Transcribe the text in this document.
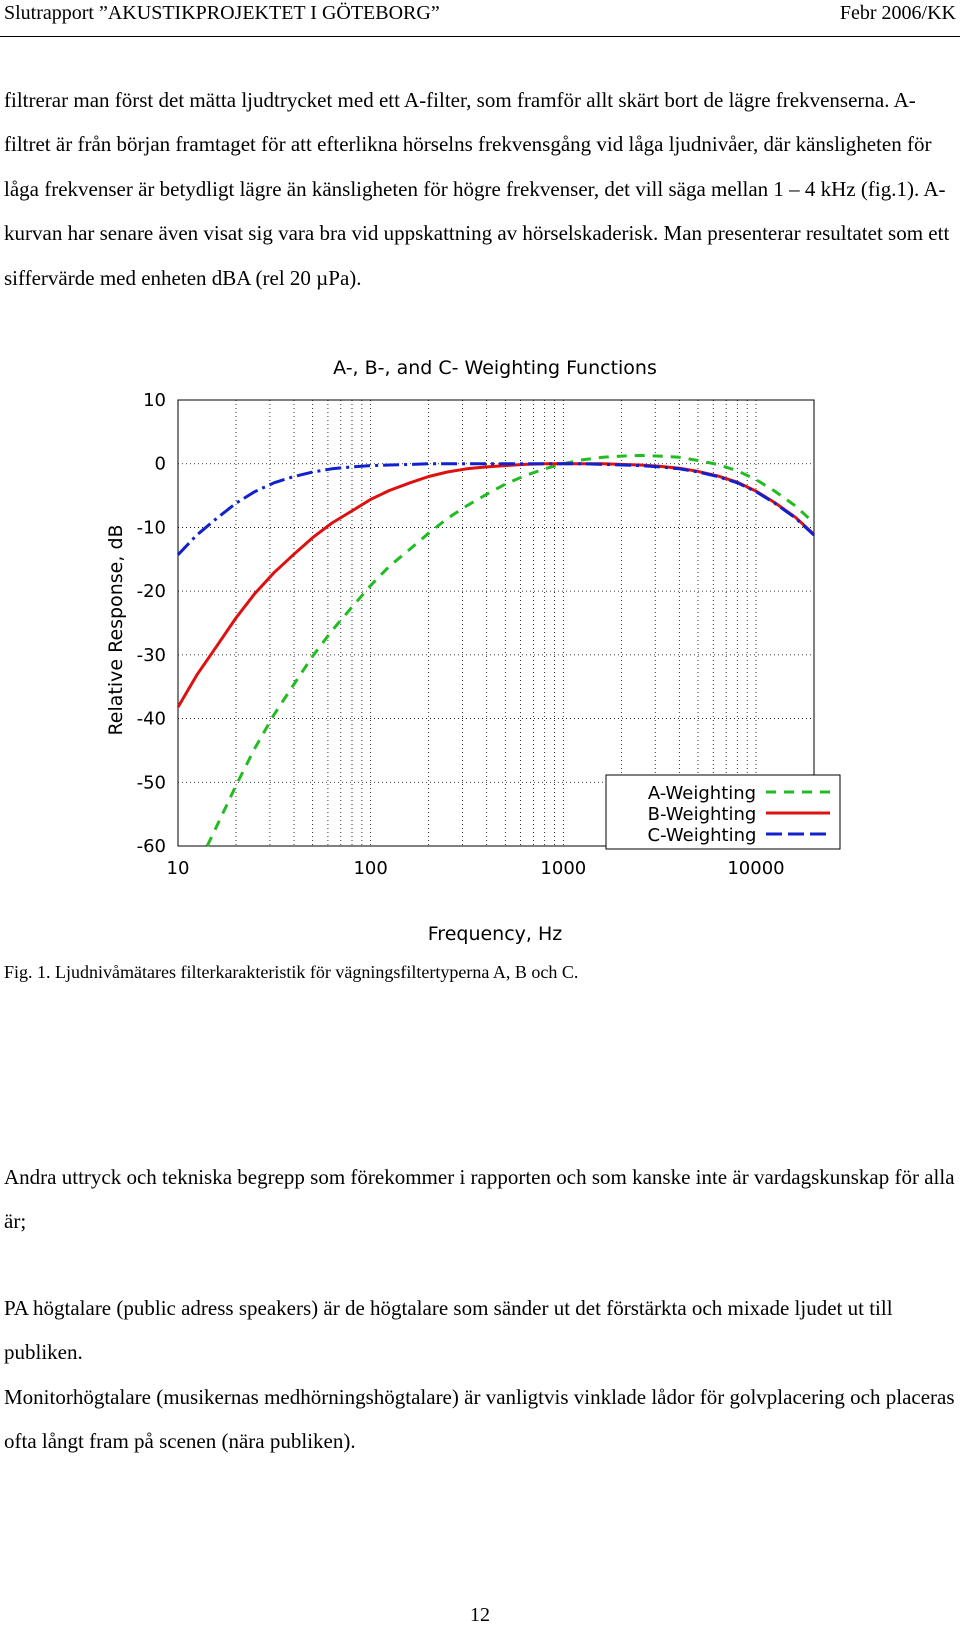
Slutrapport ”AKUSTIKPROJEKTET I GÖTEBORG”	Febr 2006/KK

filtrerar man först det mätta ljudtrycket med ett A-filter, som framför allt skärt bort de lägre frekvenserna. A-filtret är från början framtaget för att efterlikna hörselns frekvensgång vid låga ljudnivåer, där känsligheten för låga frekvenser är betydligt lägre än känsligheten för högre frekvenser, det vill säga mellan 1 – 4 kHz (fig.1). A-kurvan har senare även visat sig vara bra vid uppskattning av hörselskaderisk. Man presenterar resultatet som ett siffervärde med enheten dBA (rel 20 µPa).

A-, B-, and C- Weighting Functions
10	100	1000	10000
10
0
-10
-20
-30
-40
-50
-60
Frequency, Hz
Relative Response, dB
A-Weighting
B-Weighting
C-Weighting
Fig. 1. Ljudnivåmätares filterkarakteristik för vägningsfiltertyperna A, B och C.

Andra uttryck och tekniska begrepp som förekommer i rapporten och som kanske inte är vardagskunskap för alla är;

PA högtalare (public adress speakers) är de högtalare som sänder ut det förstärkta och mixade ljudet ut till publiken.

Monitorhögtalare (musikernas medhörningshögtalare) är vanligtvis vinklade lådor för golvplacering och placeras ofta långt fram på scenen (nära publiken).

12
